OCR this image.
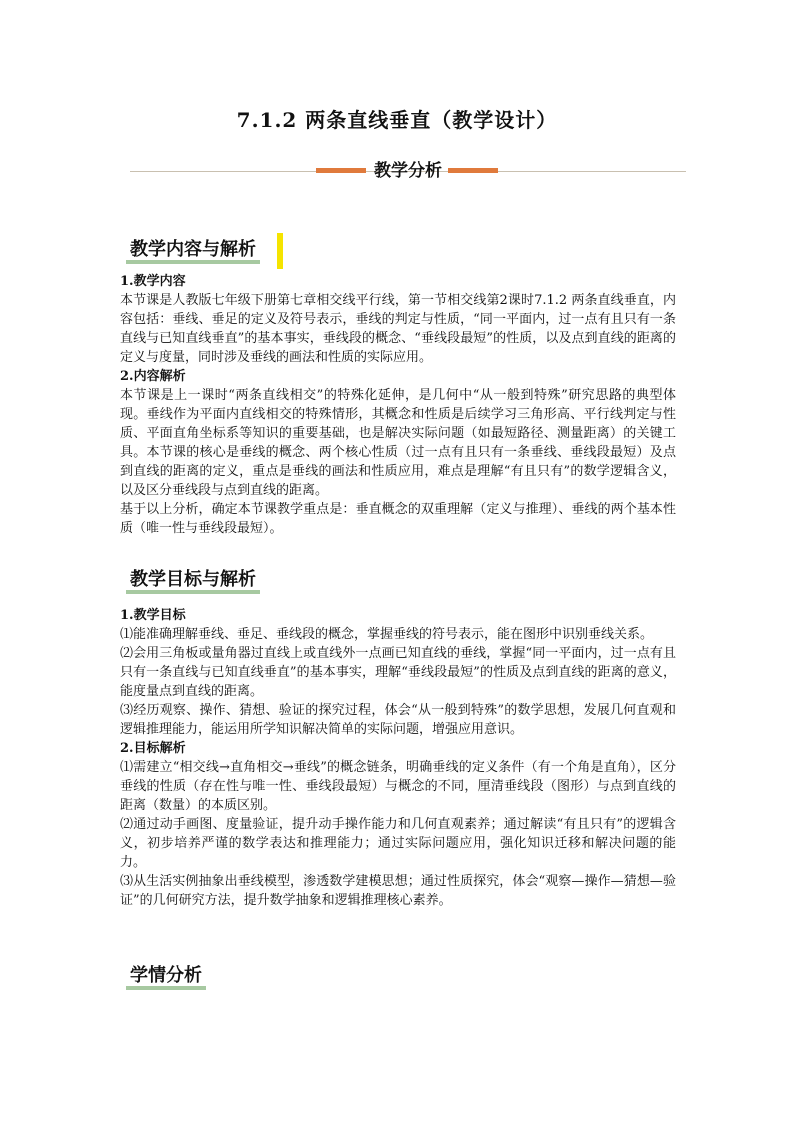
7.1.2 两条直线垂直（教学设计）
教学分析
教学内容与解析

1.教学内容

本节课是人教版七年级下册第七章相交线平行线，第一节相交线第2课时7.1.2 两条直线垂直，内容包括：垂线、垂足的定义及符号表示，垂线的判定与性质，“同一平面内，过一点有且只有一条直线与已知直线垂直”的基本事实，垂线段的概念、“垂线段最短”的性质，以及点到直线的距离的定义与度量，同时涉及垂线的画法和性质的实际应用。

2.内容解析

本节课是上一课时“两条直线相交”的特殊化延伸，是几何中“从一般到特殊”研究思路的典型体现。垂线作为平面内直线相交的特殊情形，其概念和性质是后续学习三角形高、平行线判定与性质、平面直角坐标系等知识的重要基础，也是解决实际问题（如最短路径、测量距离）的关键工具。本节课的核心是垂线的概念、两个核心性质（过一点有且只有一条垂线、垂线段最短）及点到直线的距离的定义，重点是垂线的画法和性质应用，难点是理解“有且只有”的数学逻辑含义，以及区分垂线段与点到直线的距离。

基于以上分析，确定本节课教学重点是：垂直概念的双重理解（定义与推理）、垂线的两个基本性质（唯一性与垂线段最短）。

教学目标与解析

1.教学目标

⑴能准确理解垂线、垂足、垂线段的概念，掌握垂线的符号表示，能在图形中识别垂线关系。

⑵会用三角板或量角器过直线上或直线外一点画已知直线的垂线，掌握“同一平面内，过一点有且只有一条直线与已知直线垂直”的基本事实，理解“垂线段最短”的性质及点到直线的距离的意义，能度量点到直线的距离。

⑶经历观察、操作、猜想、验证的探究过程，体会“从一般到特殊”的数学思想，发展几何直观和逻辑推理能力，能运用所学知识解决简单的实际问题，增强应用意识。

2.目标解析

⑴需建立“相交线→直角相交→垂线”的概念链条，明确垂线的定义条件（有一个角是直角），区分垂线的性质（存在性与唯一性、垂线段最短）与概念的不同，厘清垂线段（图形）与点到直线的距离（数量）的本质区别。

⑵通过动手画图、度量验证，提升动手操作能力和几何直观素养；通过解读“有且只有”的逻辑含义，初步培养严谨的数学表达和推理能力；通过实际问题应用，强化知识迁移和解决问题的能力。

⑶从生活实例抽象出垂线模型，渗透数学建模思想；通过性质探究，体会“观察—操作—猜想—验证”的几何研究方法，提升数学抽象和逻辑推理核心素养。

学情分析
